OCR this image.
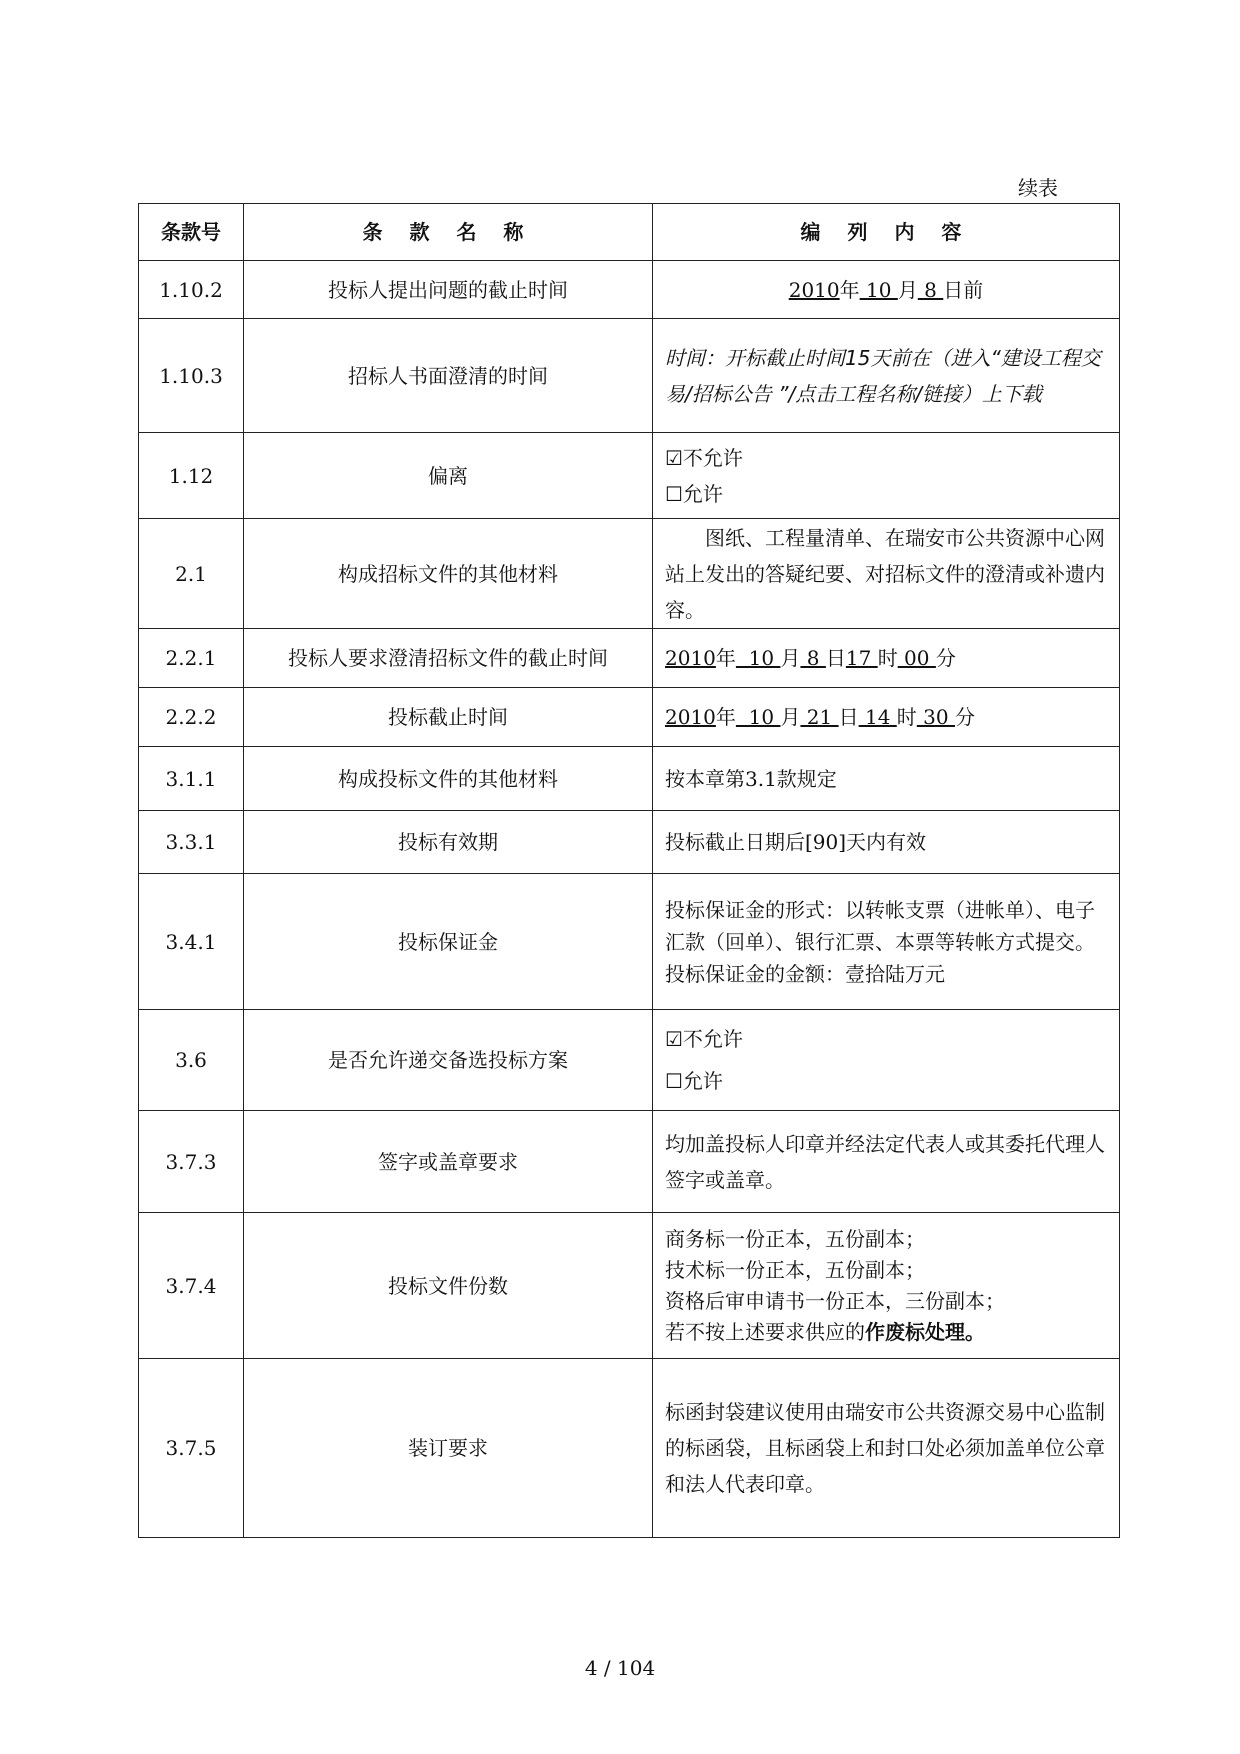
续表
条款号	条 款 名 称	编 列 内 容
1.10.2	投标人提出问题的截止时间	2010年 10 月 8 日前
1.10.3	招标人书面澄清的时间	时间：开标截止时间15天前在（进入“建设工程交易/招标公告 ”/点击工程名称/链接）上下载
1.12	偏离	☑不允许
☐允许

2.1	构成招标文件的其他材料	图纸、工程量清单、在瑞安市公共资源中心网站上发出的答疑纪要、对招标文件的澄清或补遗内容。
2.2.1	投标人要求澄清招标文件的截止时间	2010年  10 月 8 日17 时 00 分
2.2.2	投标截止时间	2010年  10 月 21 日 14 时 30 分
3.1.1	构成投标文件的其他材料	按本章第3.1款规定
3.3.1	投标有效期	投标截止日期后[90]天内有效
3.4.1	投标保证金	投标保证金的形式：以转帐支票（进帐单）、电子汇款（回单）、银行汇票、本票等转帐方式提交。
投标保证金的金额：壹拾陆万元

3.6	是否允许递交备选投标方案	☑不允许
☐允许

3.7.3	签字或盖章要求	均加盖投标人印章并经法定代表人或其委托代理人签字或盖章。
3.7.4	投标文件份数	商务标一份正本，五份副本；
技术标一份正本，五份副本；
资格后审申请书一份正本，三份副本；
若不按上述要求供应的作废标处理。

3.7.5	装订要求	标函封袋建议使用由瑞安市公共资源交易中心监制的标函袋，且标函袋上和封口处必须加盖单位公章和法人代表印章。
4 / 104
